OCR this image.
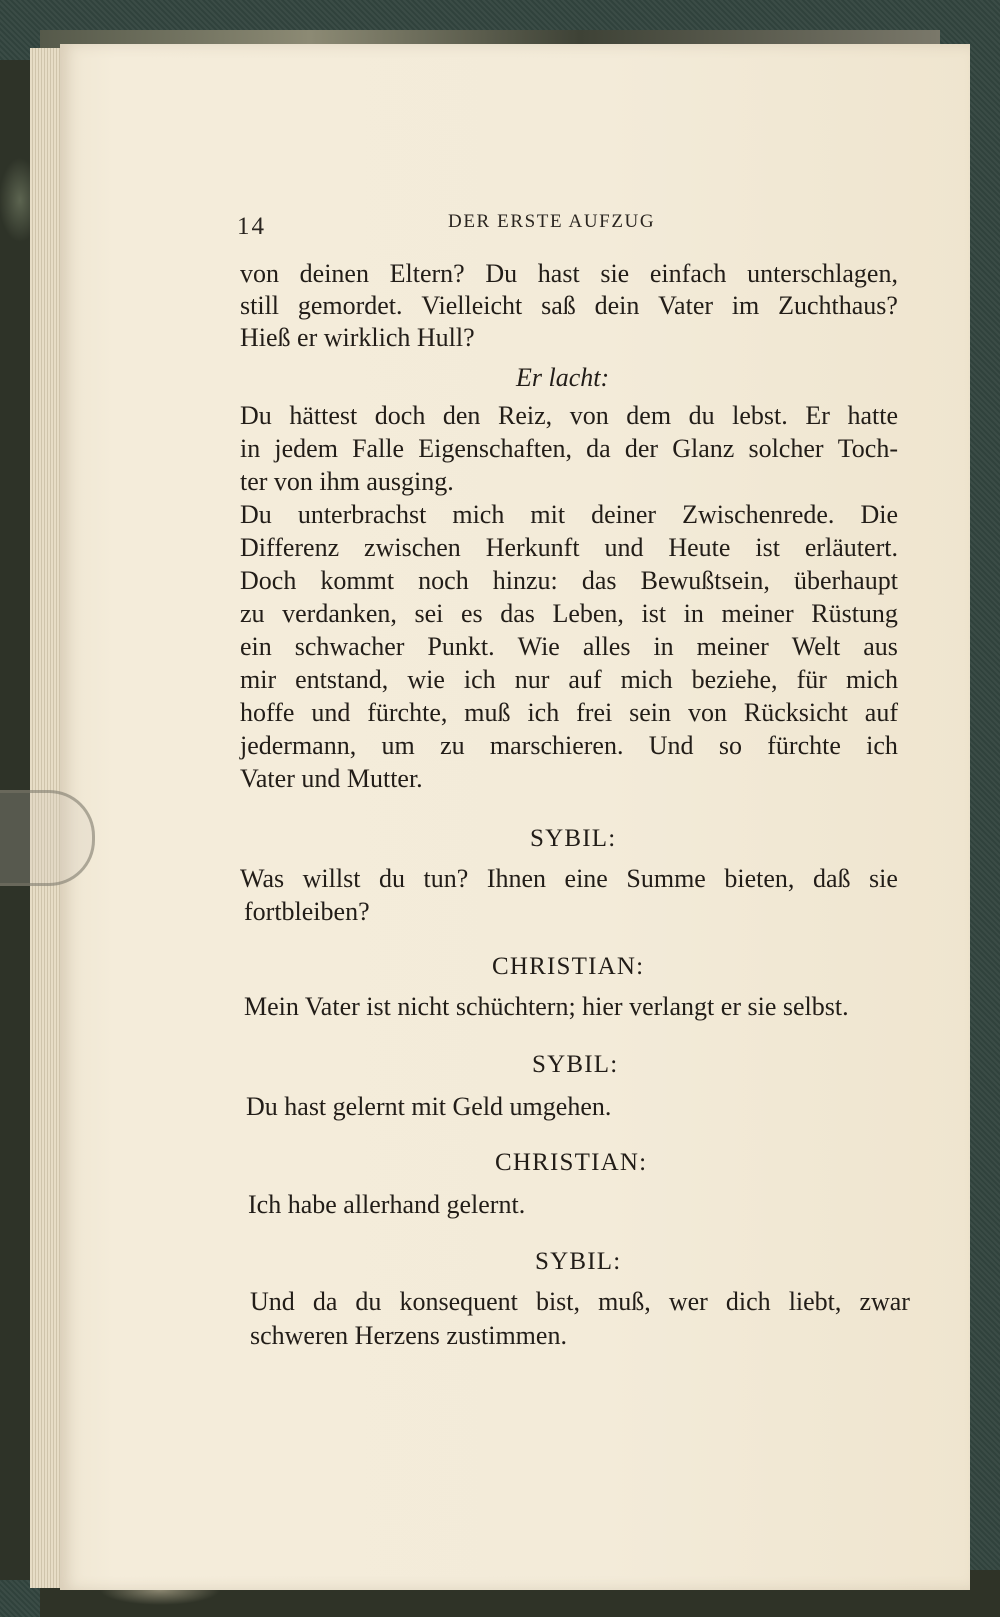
14	DER ERSTE AUFZUG
von deinen Eltern? Du hast sie einfach unterschlagen,
still gemordet. Vielleicht saß dein Vater im Zuchthaus?
Hieß er wirklich Hull?
Er lacht:
Du hättest doch den Reiz, von dem du lebst. Er hatte
in jedem Falle Eigenschaften, da der Glanz solcher Toch-
ter von ihm ausging.
Du unterbrachst mich mit deiner Zwischenrede. Die
Differenz zwischen Herkunft und Heute ist erläutert.
Doch kommt noch hinzu: das Bewußtsein, überhaupt
zu verdanken, sei es das Leben, ist in meiner Rüstung
ein schwacher Punkt. Wie alles in meiner Welt aus
mir entstand, wie ich nur auf mich beziehe, für mich
hoffe und fürchte, muß ich frei sein von Rücksicht auf
jedermann, um zu marschieren. Und so fürchte ich
Vater und Mutter.
SYBIL:
Was willst du tun? Ihnen eine Summe bieten, daß sie
fortbleiben?
CHRISTIAN:
Mein Vater ist nicht schüchtern; hier verlangt er sie selbst.
SYBIL:
Du hast gelernt mit Geld umgehen.
CHRISTIAN:
Ich habe allerhand gelernt.
SYBIL:
Und da du konsequent bist, muß, wer dich liebt, zwar
schweren Herzens zustimmen.
